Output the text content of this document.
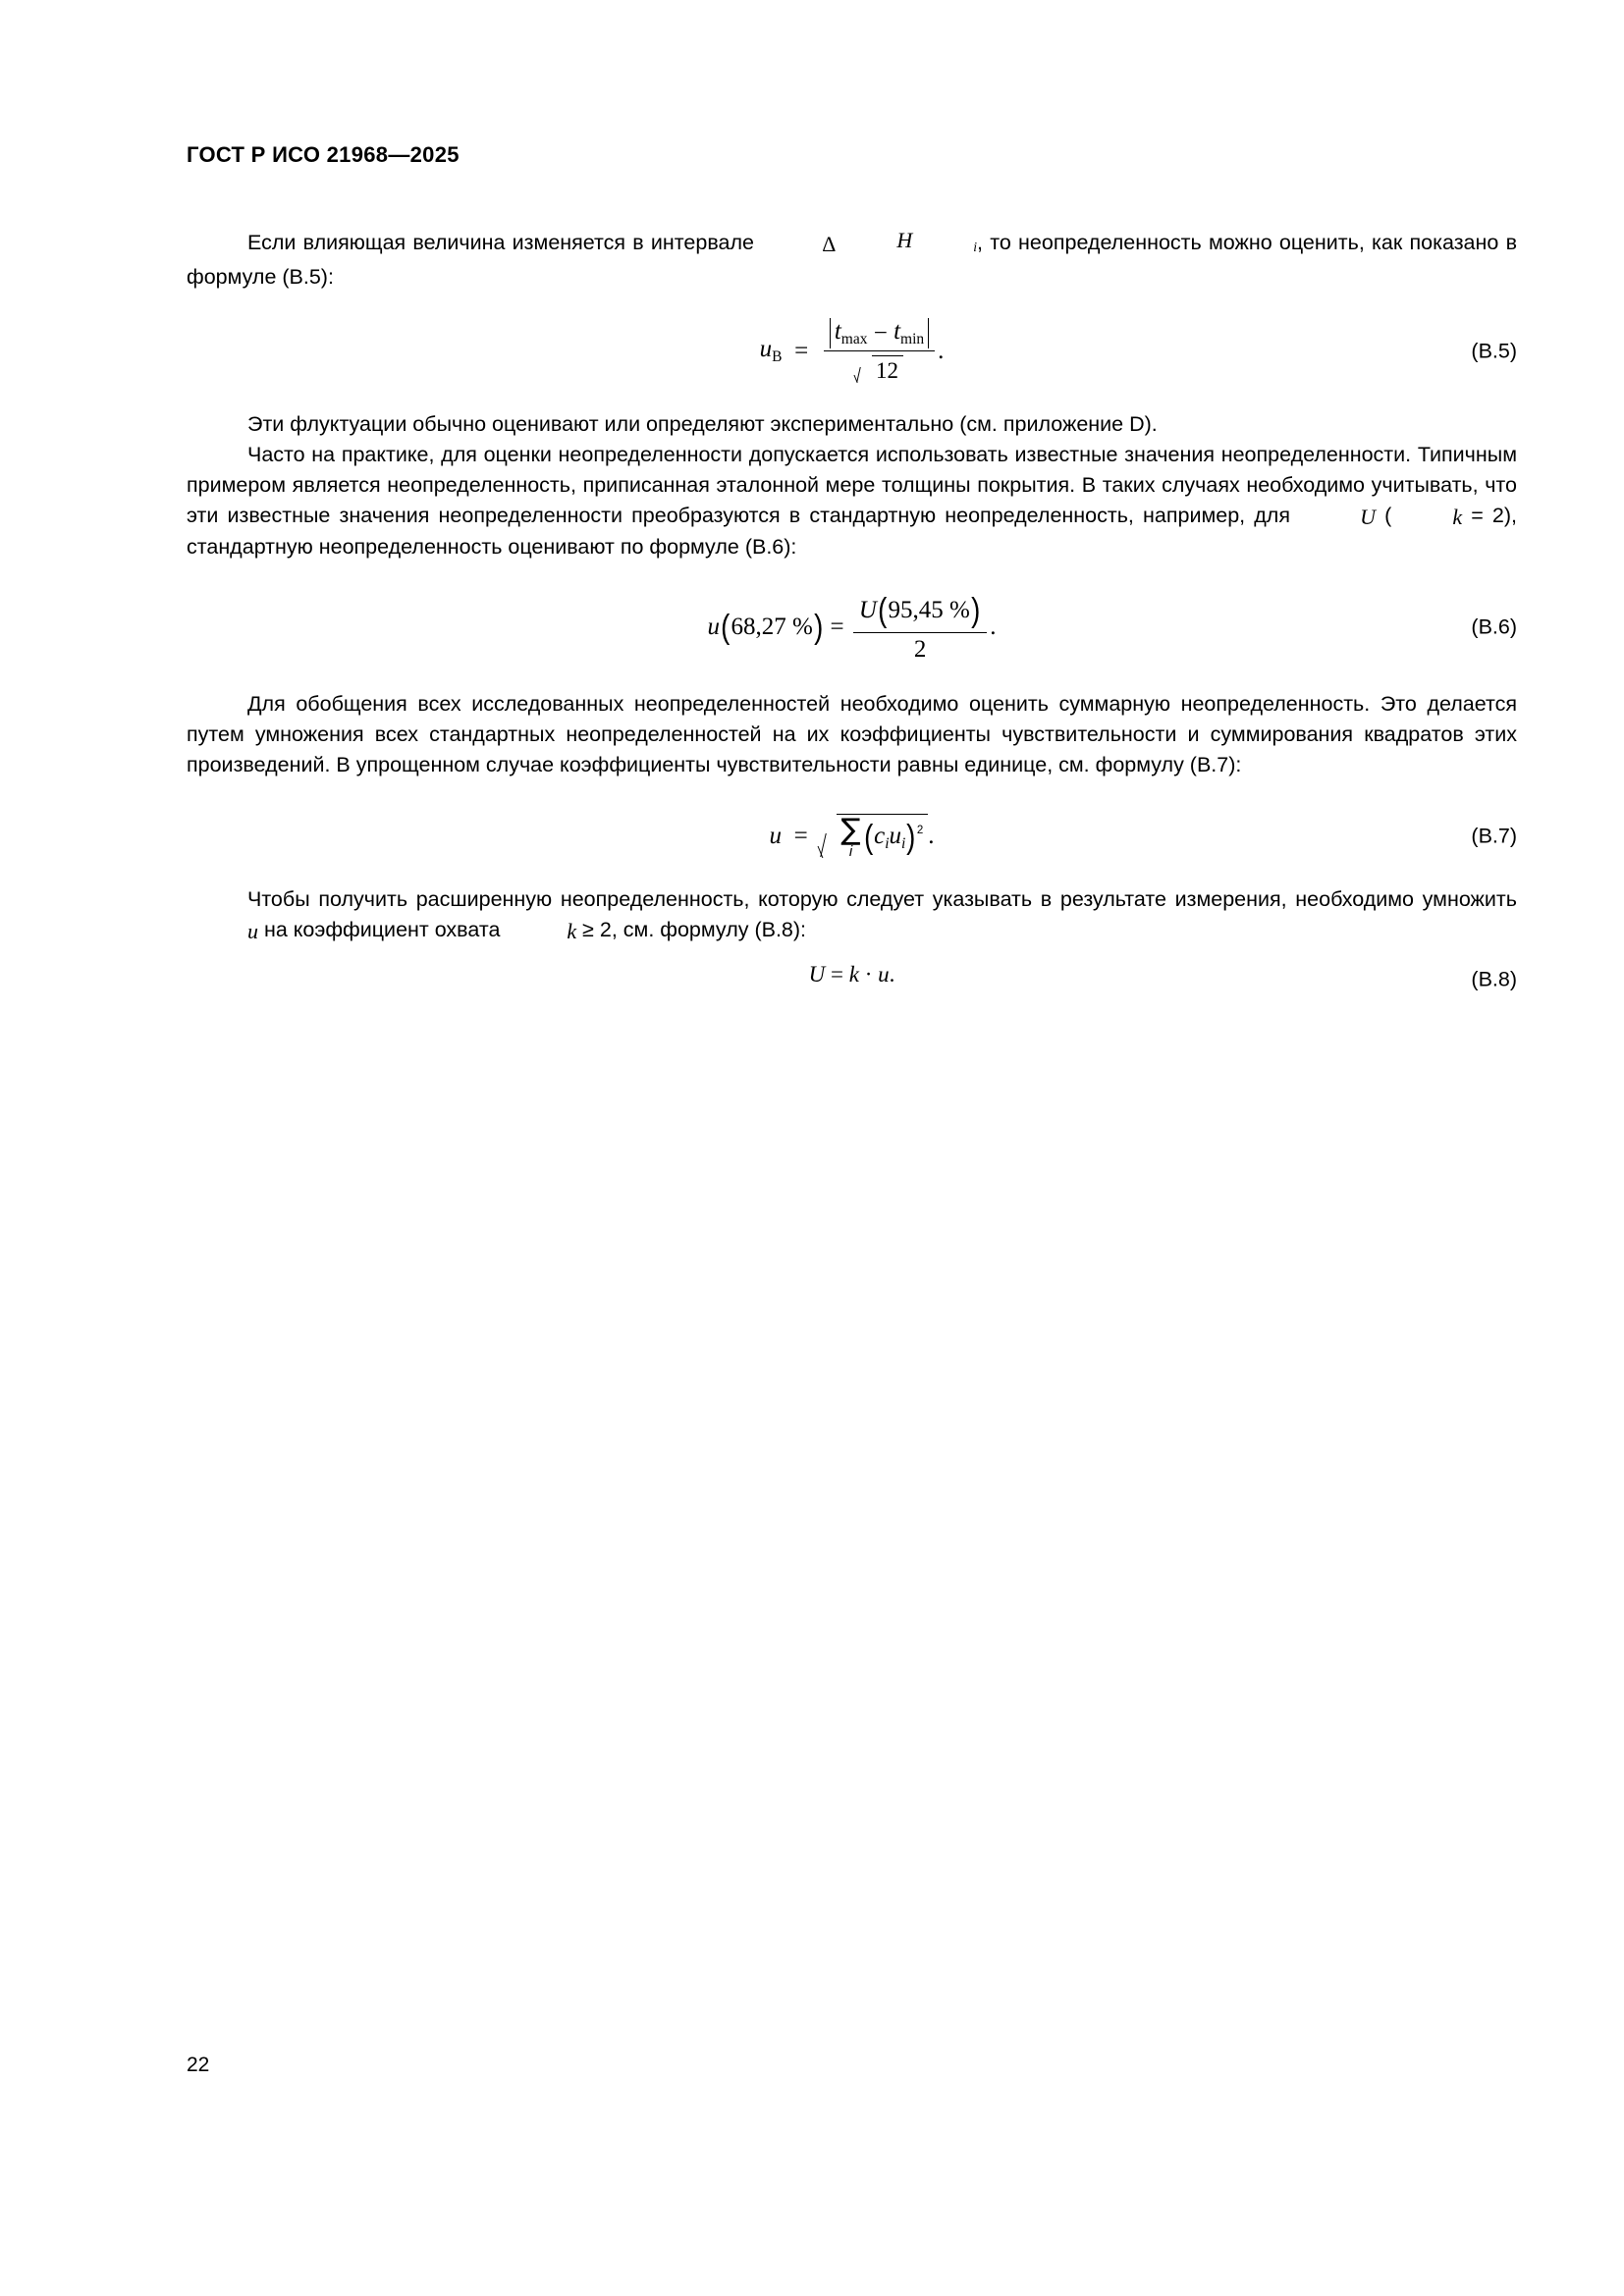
ГОСТ Р ИСО 21968—2025

Если влияющая величина изменяется в интервале	Δ	H	i, то неопределенность можно оценить, как показано в формуле (В.5):

uB  = $\frac{tmax - tmin}{12}$ .	(В.5)

Эти флуктуации обычно оценивают или определяют экспериментально (см. приложение D).

Часто на практике, для оценки неопределенности допускается использовать известные значения неопределенности. Типичным примером является неопределенность, приписанная эталонной мере толщины покрытия. В таких случаях необходимо учитывать, что эти известные значения неопределенности преобразуются в стандартную неопределенность, например, для	U (	k = 2), стандартную неопределенность оценивают по формуле (В.6):

u(68,27 %) = $\frac{U(95,45 \%)}{2}$ .	(В.6)

Для обобщения всех исследованных неопределенностей необходимо оценить суммарную неопределенность. Это делается путем умножения всех стандартных неопределенностей на их коэффициенты чувствительности и суммирования квадратов этих произведений. В упрощенном случае коэффициенты чувствительности равны единице, см. формулу (В.7):

u  = ∑
i (ciui)2 .	(В.7)

Чтобы получить расширенную неопределенность, которую следует указывать в результате измерения, необходимо умножить u на коэффициент охвата	k ≥ 2, см. формулу (В.8):

U = k · u.	(В.8)
22
